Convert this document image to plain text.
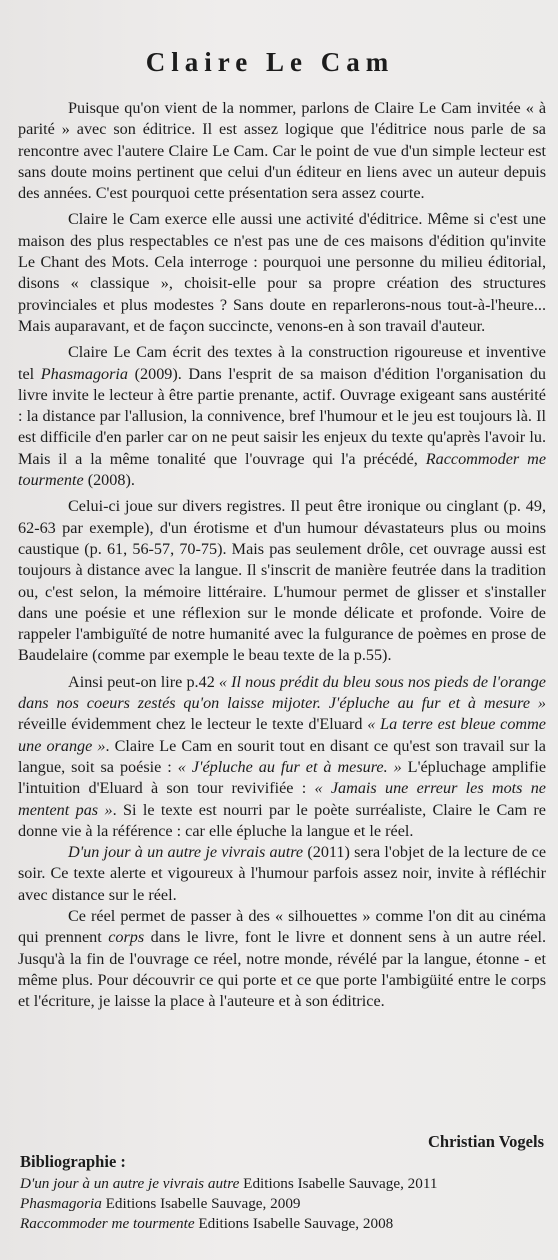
Claire Le Cam

Puisque qu'on vient de la nommer, parlons de Claire Le Cam invitée « à parité » avec son éditrice. Il est assez logique que l'éditrice nous parle de sa rencontre avec l'autere Claire Le Cam. Car le point de vue d'un simple lecteur est sans doute moins pertinent que celui d'un éditeur en liens avec un auteur depuis des années. C'est pourquoi cette présentation sera assez courte.

Claire le Cam exerce elle aussi une activité d'éditrice. Même si c'est une maison des plus respectables ce n'est pas une de ces maisons d'édition qu'invite Le Chant des Mots. Cela interroge : pourquoi une personne du milieu éditorial, disons « classique », choisit-elle pour sa propre création des structures provinciales et plus modestes ? Sans doute en reparlerons-nous tout-à-l'heure... Mais auparavant, et de façon succincte, venons-en à son travail d'auteur.

Claire Le Cam écrit des textes à la construction rigoureuse et inventive tel Phasmagoria (2009). Dans l'esprit de sa maison d'édition l'organisation du livre invite le lecteur à être partie prenante, actif. Ouvrage exigeant sans austérité : la distance par l'allusion, la connivence, bref l'humour et le jeu est toujours là. Il est difficile d'en parler car on ne peut saisir les enjeux du texte qu'après l'avoir lu. Mais il a la même tonalité que l'ouvrage qui l'a précédé, Raccommoder me tourmente (2008).

Celui-ci joue sur divers registres. Il peut être ironique ou cinglant (p. 49, 62-63 par exemple), d'un érotisme et d'un humour dévastateurs plus ou moins caustique (p. 61, 56-57, 70-75). Mais pas seulement drôle, cet ouvrage aussi est toujours à distance avec la langue. Il s'inscrit de manière feutrée dans la tradition ou, c'est selon, la mémoire littéraire. L'humour permet de glisser et s'installer dans une poésie et une réflexion sur le monde délicate et profonde. Voire de rappeler l'ambiguïté de notre humanité avec la fulgurance de poèmes en prose de Baudelaire (comme par exemple le beau texte de la p.55).

Ainsi peut-on lire p.42 « Il nous prédit du bleu sous nos pieds de l'orange dans nos coeurs zestés qu'on laisse mijoter. J'épluche au fur et à mesure » réveille évidemment chez le lecteur le texte d'Eluard « La terre est bleue comme une orange ». Claire Le Cam en sourit tout en disant ce qu'est son travail sur la langue, soit sa poésie : « J'épluche au fur et à mesure. » L'épluchage amplifie l'intuition d'Eluard à son tour revivifiée : « Jamais une erreur les mots ne mentent pas ». Si le texte est nourri par le poète surréaliste, Claire le Cam re donne vie à la référence : car elle épluche la langue et le réel.

D'un jour à un autre je vivrais autre (2011) sera l'objet de la lecture de ce soir. Ce texte alerte et vigoureux à l'humour parfois assez noir, invite à réfléchir avec distance sur le réel.

Ce réel permet de passer à des « silhouettes » comme l'on dit au cinéma qui prennent corps dans le livre, font le livre et donnent sens à un autre réel. Jusqu'à la fin de l'ouvrage ce réel, notre monde, révélé par la langue, étonne - et même plus. Pour découvrir ce qui porte et ce que porte l'ambigüité entre le corps et l'écriture, je laisse la place à l'auteure et à son éditrice.

Christian Vogels
Bibliographie :
D'un jour à un autre je vivrais autre Editions Isabelle Sauvage, 2011
Phasmagoria Editions Isabelle Sauvage, 2009
Raccommoder me tourmente Editions Isabelle Sauvage, 2008
